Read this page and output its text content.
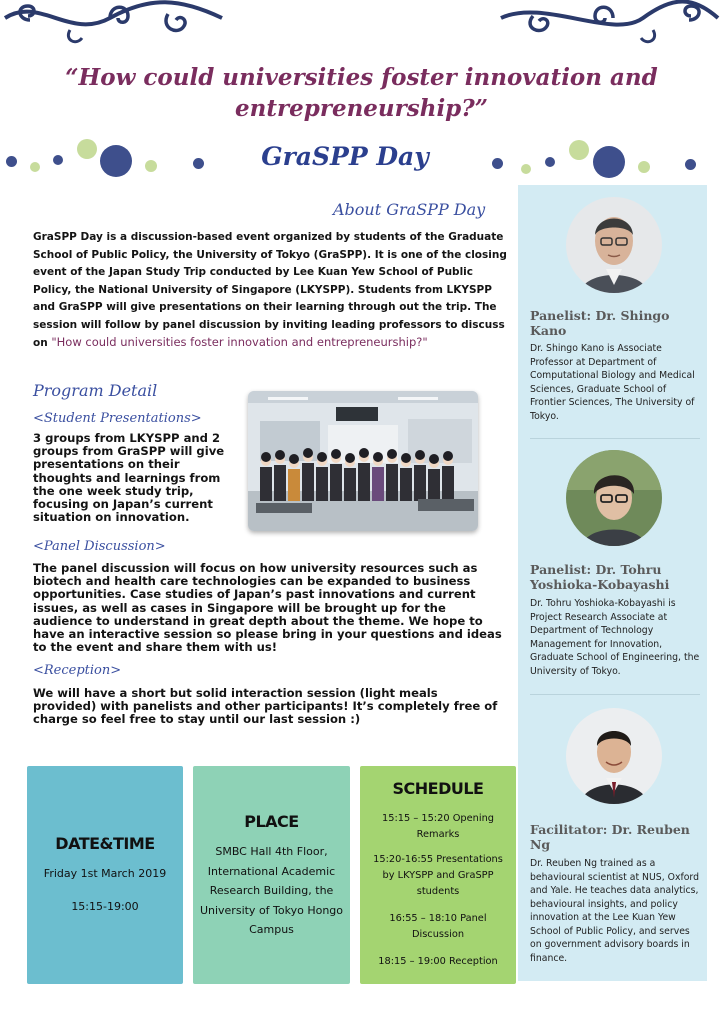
“How could universities foster innovation and entrepreneurship?”
GraSPP Day
About GraSPP Day
GraSPP Day is a discussion-based event organized by students of the Graduate School of Public Policy, the University of Tokyo (GraSPP). It is one of the closing event of the Japan Study Trip conducted by Lee Kuan Yew School of Public Policy, the National University of Singapore (LKYSPP). Students from LKYSPP and GraSPP will give presentations on their learning through out the trip. The session will follow by panel discussion by inviting leading professors to discuss on "How could universities foster innovation and entrepreneurship?"
Program Detail
<Student Presentations>
3 groups from LKYSPP and 2 groups from GraSPP will give presentations on their thoughts and learnings from the one week study trip, focusing on Japan’s current situation on innovation.
<Panel Discussion>
The panel discussion will focus on how university resources such as biotech and health care technologies can be expanded to business opportunities. Case studies of Japan’s past innovations and current issues, as well as cases in Singapore will be brought up for the audience to understand in great depth about the theme. We hope to have an interactive session so please bring in your questions and ideas to the event and share them with us!
<Reception>
We will have a short but solid interaction session (light meals provided) with panelists and other participants! It’s completely free of charge so feel free to stay until our last session :)
Panelist: Dr. Shingo Kano
Dr. Shingo Kano is Associate Professor at Department of Computational Biology and Medical Sciences, Graduate School of Frontier Sciences, The University of Tokyo.
Panelist: Dr. Tohru Yoshioka-Kobayashi
Dr. Tohru Yoshioka-Kobayashi is Project Research Associate at Department of Technology Management for Innovation, Graduate School of Engineering, the University of Tokyo.
Facilitator: Dr. Reuben Ng
Dr. Reuben Ng trained as a behavioural scientist at NUS, Oxford and Yale. He teaches data analytics, behavioural insights, and policy innovation at the Lee Kuan Yew School of Public Policy, and serves on government advisory boards in finance.
DATE&TIME
Friday 1st March 2019
15:15-19:00
PLACE
SMBC Hall 4th Floor, International Academic Research Building, the University of Tokyo Hongo Campus
SCHEDULE
15:15 – 15:20 Opening Remarks
15:20-16:55 Presentations by LKYSPP and GraSPP students
16:55 – 18:10 Panel Discussion
18:15 – 19:00 Reception
